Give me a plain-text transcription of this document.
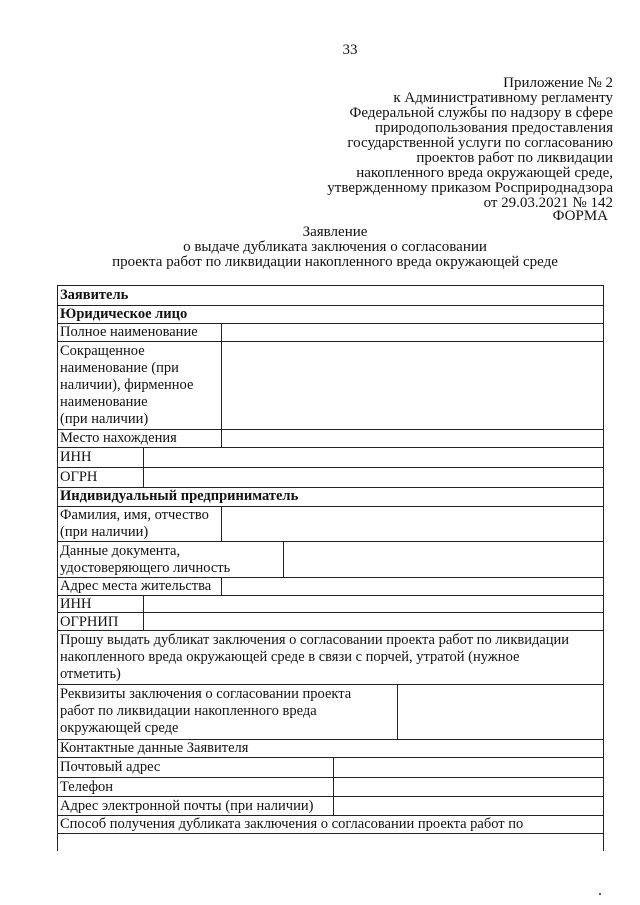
33
Приложение № 2
к Административному регламенту
Федеральной службы по надзору в сфере
природопользования предоставления
государственной услуги по согласованию
проектов работ по ликвидации
накопленного вреда окружающей среде,
утвержденному приказом Росприроднадзора
от 29.03.2021 № 142
ФОРМА
Заявление
о выдаче дубликата заключения о согласовании
проекта работ по ликвидации накопленного вреда окружающей среде
Заявитель
Юридическое лицо
Полное наименование
Сокращенное
наименование (при
наличии), фирменное
наименование
(при наличии)
Место нахождения
ИНН
ОГРН
Индивидуальный предприниматель
Фамилия, имя, отчество
(при наличии)
Данные документа,
удостоверяющего личность
Адрес места жительства
ИНН
ОГРНИП
Прошу выдать дубликат заключения о согласовании проекта работ по ликвидации
накопленного вреда окружающей среде в связи с порчей, утратой (нужное
отметить)
Реквизиты заключения о согласовании проекта
работ по ликвидации накопленного вреда
окружающей среде
Контактные данные Заявителя
Почтовый адрес
Телефон
Адрес электронной почты (при наличии)
Способ получения дубликата заключения о согласовании проекта работ по
